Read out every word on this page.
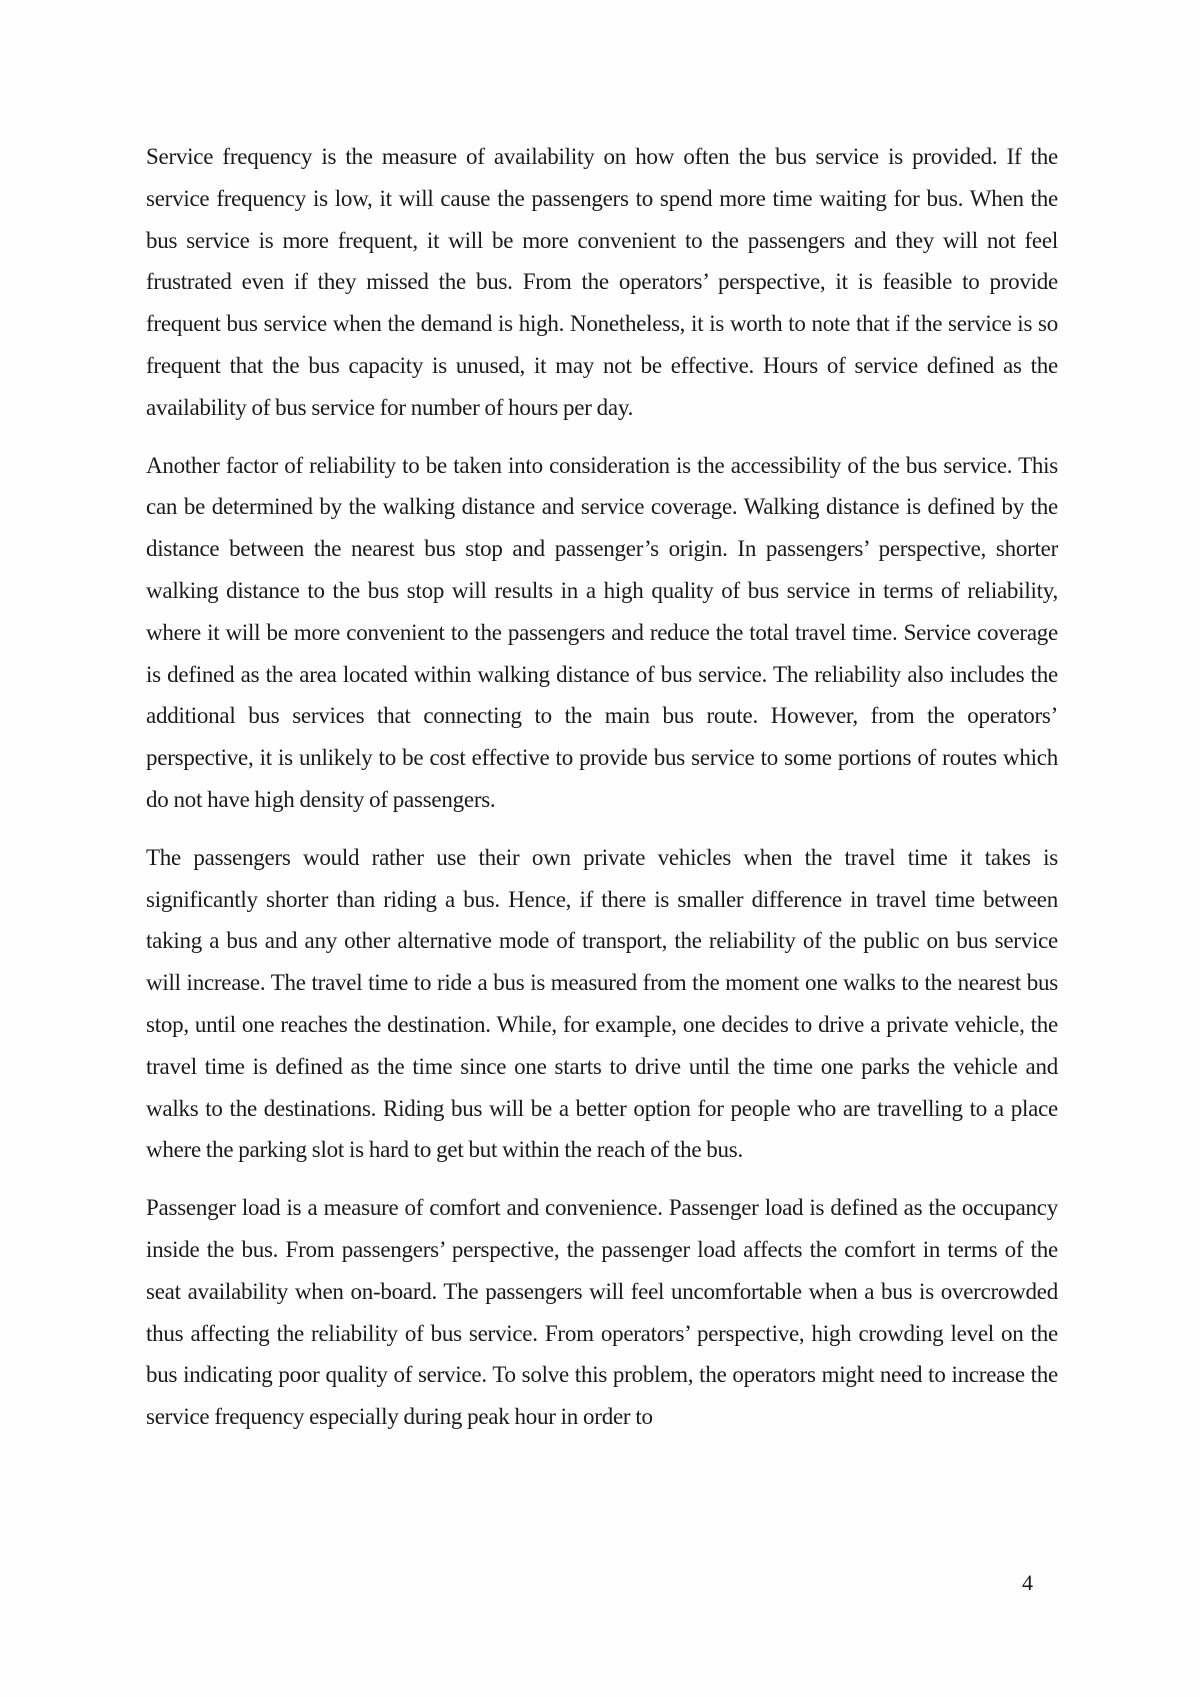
Service frequency is the measure of availability on how often the bus service is provided. If the service frequency is low, it will cause the passengers to spend more time waiting for bus. When the bus service is more frequent, it will be more convenient to the passengers and they will not feel frustrated even if they missed the bus. From the operators’ perspective, it is feasible to provide frequent bus service when the demand is high. Nonetheless, it is worth to note that if the service is so frequent that the bus capacity is unused, it may not be effective. Hours of service defined as the availability of bus service for number of hours per day.

Another factor of reliability to be taken into consideration is the accessibility of the bus service. This can be determined by the walking distance and service coverage. Walking distance is defined by the distance between the nearest bus stop and passenger’s origin. In passengers’ perspective, shorter walking distance to the bus stop will results in a high quality of bus service in terms of reliability, where it will be more convenient to the passengers and reduce the total travel time. Service coverage is defined as the area located within walking distance of bus service. The reliability also includes the additional bus services that connecting to the main bus route. However, from the operators’ perspective, it is unlikely to be cost effective to provide bus service to some portions of routes which do not have high density of passengers.

The passengers would rather use their own private vehicles when the travel time it takes is significantly shorter than riding a bus. Hence, if there is smaller difference in travel time between taking a bus and any other alternative mode of transport, the reliability of the public on bus service will increase. The travel time to ride a bus is measured from the moment one walks to the nearest bus stop, until one reaches the destination. While, for example, one decides to drive a private vehicle, the travel time is defined as the time since one starts to drive until the time one parks the vehicle and walks to the destinations. Riding bus will be a better option for people who are travelling to a place where the parking slot is hard to get but within the reach of the bus.

Passenger load is a measure of comfort and convenience. Passenger load is defined as the occupancy inside the bus. From passengers’ perspective, the passenger load affects the comfort in terms of the seat availability when on-board. The passengers will feel uncomfortable when a bus is overcrowded thus affecting the reliability of bus service. From operators’ perspective, high crowding level on the bus indicating poor quality of service. To solve this problem, the operators might need to increase the service frequency especially during peak hour in order to

4
